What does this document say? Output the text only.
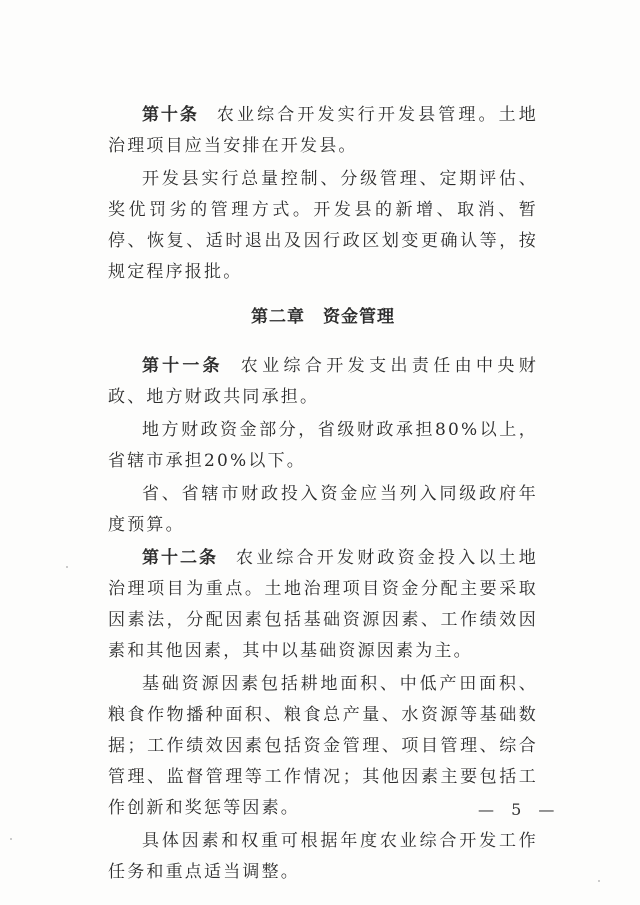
第十条 农业综合开发实行开发县管理。土地治理项目应当安排在开发县。

开发县实行总量控制、分级管理、定期评估、奖优罚劣的管理方式。开发县的新增、取消、暂停、恢复、适时退出及因行政区划变更确认等，按规定程序报批。

第二章 资金管理

第十一条 农业综合开发支出责任由中央财政、地方财政共同承担。

地方财政资金部分，省级财政承担80%以上，省辖市承担20%以下。

省、省辖市财政投入资金应当列入同级政府年度预算。

第十二条 农业综合开发财政资金投入以土地治理项目为重点。土地治理项目资金分配主要采取因素法，分配因素包括基础资源因素、工作绩效因素和其他因素，其中以基础资源因素为主。

基础资源因素包括耕地面积、中低产田面积、粮食作物播种面积、粮食总产量、水资源等基础数据；工作绩效因素包括资金管理、项目管理、综合管理、监督管理等工作情况；其他因素主要包括工作创新和奖惩等因素。

具体因素和权重可根据年度农业综合开发工作任务和重点适当调整。

— 5 —
